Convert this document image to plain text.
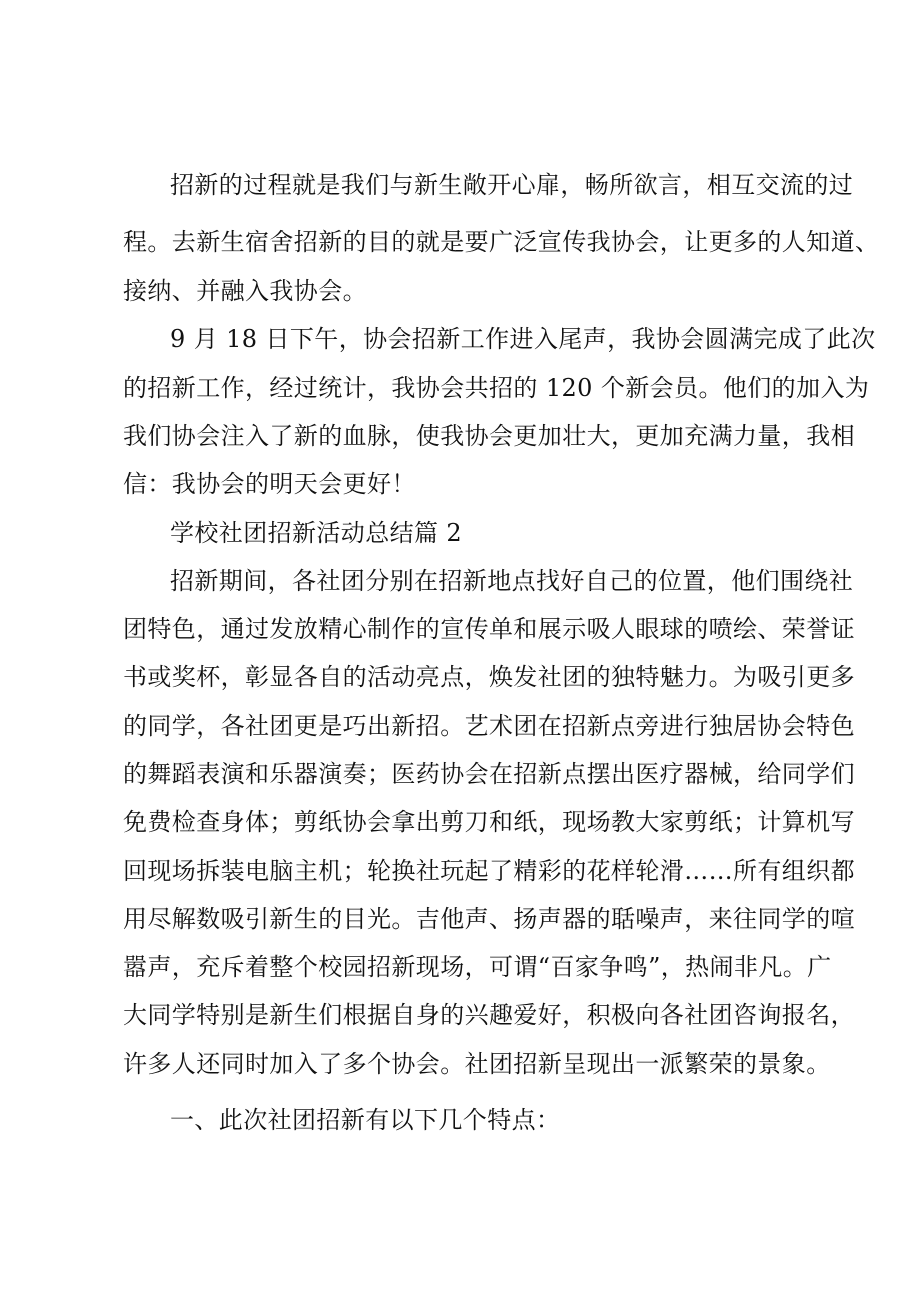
招新的过程就是我们与新生敞开心扉，畅所欲言，相互交流的过
程。去新生宿舍招新的目的就是要广泛宣传我协会，让更多的人知道、
接纳、并融入我协会。
9 月 18 日下午，协会招新工作进入尾声，我协会圆满完成了此次
的招新工作，经过统计，我协会共招的 120 个新会员。他们的加入为
我们协会注入了新的血脉，使我协会更加壮大，更加充满力量，我相
信：我协会的明天会更好！
学校社团招新活动总结篇 2
招新期间，各社团分别在招新地点找好自己的位置，他们围绕社
团特色，通过发放精心制作的宣传单和展示吸人眼球的喷绘、荣誉证
书或奖杯，彰显各自的活动亮点，焕发社团的独特魅力。为吸引更多
的同学，各社团更是巧出新招。艺术团在招新点旁进行独居协会特色
的舞蹈表演和乐器演奏；医药协会在招新点摆出医疗器械，给同学们
免费检查身体；剪纸协会拿出剪刀和纸，现场教大家剪纸；计算机写
回现场拆装电脑主机；轮换社玩起了精彩的花样轮滑……所有组织都
用尽解数吸引新生的目光。吉他声、扬声器的聒噪声，来往同学的喧
嚣声，充斥着整个校园招新现场，可谓“百家争鸣”，热闹非凡。广
大同学特别是新生们根据自身的兴趣爱好，积极向各社团咨询报名，
许多人还同时加入了多个协会。社团招新呈现出一派繁荣的景象。
一、此次社团招新有以下几个特点：
